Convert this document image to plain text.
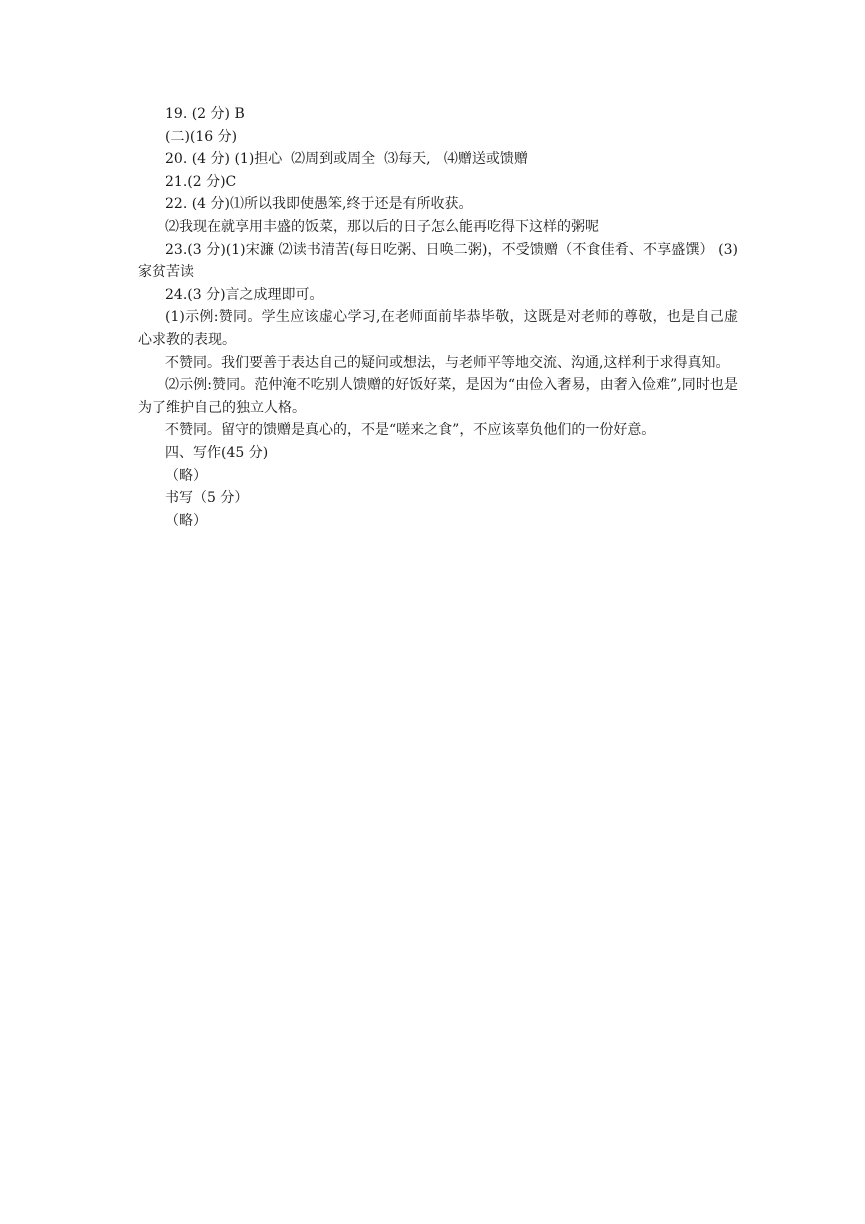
19. (2 分) B
(二)(16 分)
20. (4 分) (1)担心  ⑵周到或周全  ⑶每天,   ⑷赠送或馈赠
21.(2 分)C
22. (4 分)⑴所以我即使愚笨,终于还是有所收获。
⑵我现在就享用丰盛的饭菜，那以后的日子怎么能再吃得下这样的粥呢
23.(3 分)(1)宋濂 ⑵读书清苦(每日吃粥、日唤二粥)，不受馈赠（不食佳肴、不享盛馔） (3)家贫苦读
24.(3 分)言之成理即可。
(1)示例:赞同。学生应该虚心学习,在老师面前毕恭毕敬，这既是对老师的尊敬，也是自己虚心求教的表现。
不赞同。我们要善于表达自己的疑问或想法，与老师平等地交流、沟通,这样利于求得真知。
⑵示例:赞同。范仲淹不吃别人馈赠的好饭好菜，是因为“由俭入奢易，由奢入俭难”,同时也是为了维护自己的独立人格。
不赞同。留守的馈赠是真心的，不是“嗟来之食”，不应该辜负他们的一份好意。
四、写作(45 分)
（略）
书写（5 分）
（略）
